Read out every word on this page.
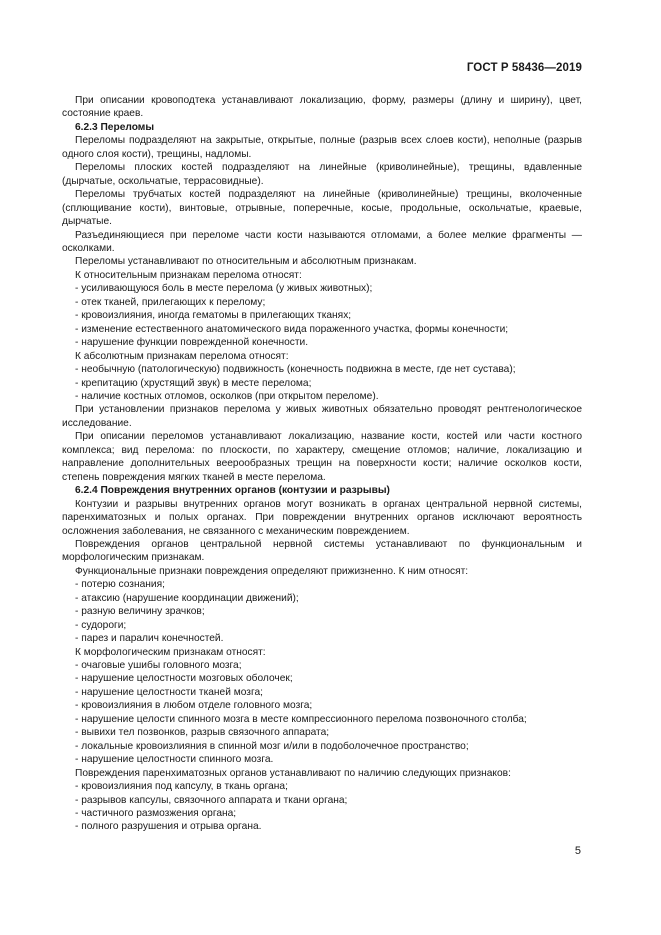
ГОСТ Р 58436—2019

При описании кровоподтека устанавливают локализацию, форму, размеры (длину и ширину), цвет, состояние краев.

6.2.3 Переломы

Переломы подразделяют на закрытые, открытые, полные (разрыв всех слоев кости), неполные (разрыв одного слоя кости), трещины, надломы.

Переломы плоских костей подразделяют на линейные (криволинейные), трещины, вдавленные (дырчатые, оскольчатые, террасовидные).

Переломы трубчатых костей подразделяют на линейные (криволинейные) трещины, вколоченные (сплющивание кости), винтовые, отрывные, поперечные, косые, продольные, оскольчатые, краевые, дырчатые.

Разъединяющиеся при переломе части кости называются отломами, а более мелкие фрагменты — осколками.

Переломы устанавливают по относительным и абсолютным признакам.

К относительным признакам перелома относят:

- усиливающуюся боль в месте перелома (у живых животных);

- отек тканей, прилегающих к перелому;

- кровоизлияния, иногда гематомы в прилегающих тканях;

- изменение естественного анатомического вида пораженного участка, формы конечности;

- нарушение функции поврежденной конечности.

К абсолютным признакам перелома относят:

- необычную (патологическую) подвижность (конечность подвижна в месте, где нет сустава);

- крепитацию (хрустящий звук) в месте перелома;

- наличие костных отломов, осколков (при открытом переломе).

При установлении признаков перелома у живых животных обязательно проводят рентгенологическое исследование.

При описании переломов устанавливают локализацию, название кости, костей или части костного комплекса; вид перелома: по плоскости, по характеру, смещение отломов; наличие, локализацию и направление дополнительных веерообразных трещин на поверхности кости; наличие осколков кости, степень повреждения мягких тканей в месте перелома.

6.2.4 Повреждения внутренних органов (контузии и разрывы)

Контузии и разрывы внутренних органов могут возникать в органах центральной нервной системы, паренхиматозных и полых органах. При повреждении внутренних органов исключают вероятность осложнения заболевания, не связанного с механическим повреждением.

Повреждения органов центральной нервной системы устанавливают по функциональным и морфологическим признакам.

Функциональные признаки повреждения определяют прижизненно. К ним относят:

- потерю сознания;

- атаксию (нарушение координации движений);

- разную величину зрачков;

- судороги;

- парез и паралич конечностей.

К морфологическим признакам относят:

- очаговые ушибы головного мозга;

- нарушение целостности мозговых оболочек;

- нарушение целостности тканей мозга;

- кровоизлияния в любом отделе головного мозга;

- нарушение целости спинного мозга в месте компрессионного перелома позвоночного столба;

- вывихи тел позвонков, разрыв связочного аппарата;

- локальные кровоизлияния в спинной мозг и/или в подоболочечное пространство;

- нарушение целостности спинного мозга.

Повреждения паренхиматозных органов устанавливают по наличию следующих признаков:

- кровоизлияния под капсулу, в ткань органа;

- разрывов капсулы, связочного аппарата и ткани органа;

- частичного размозжения органа;

- полного разрушения и отрыва органа.

5
